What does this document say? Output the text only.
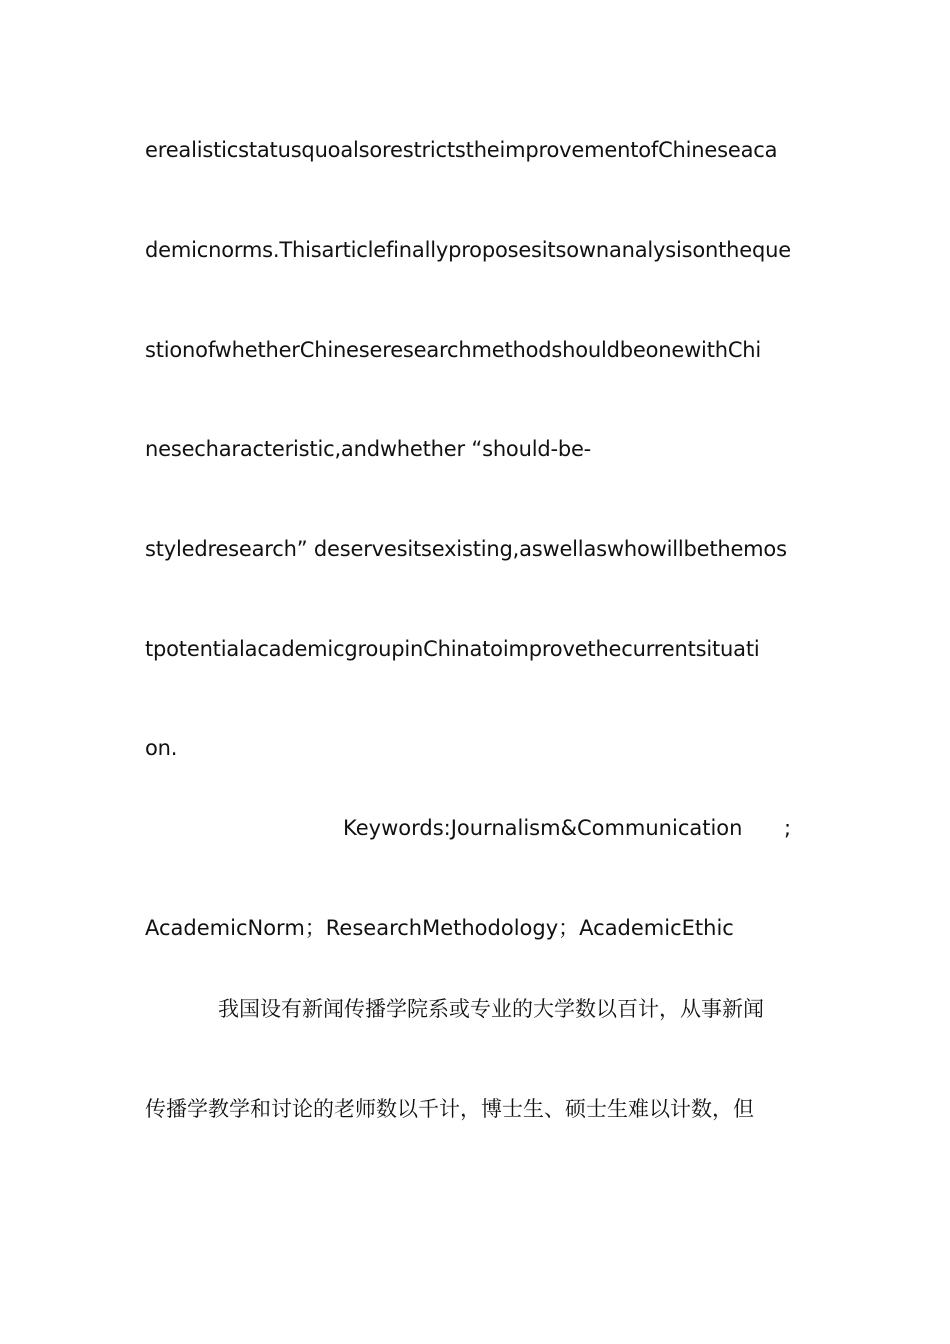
erealisticstatusquoalsorestrictstheimprovementofChineseaca
demicnorms.Thisarticlefinallyproposesitsownanalysisontheque
stionofwhetherChineseresearchmethodshouldbeonewithChi
nesecharacteristic,andwhether “should-be-
styledresearch” deservesitsexisting,aswellaswhowillbethemos
tpotentialacademicgroupinChinatoimprovethecurrentsituati
on.
Keywords:Journalism&Communication ;
AcademicNorm；ResearchMethodology；AcademicEthic
我国设有新闻传播学院系或专业的大学数以百计，从事新闻
传播学教学和讨论的老师数以千计，博士生、硕士生难以计数，但
